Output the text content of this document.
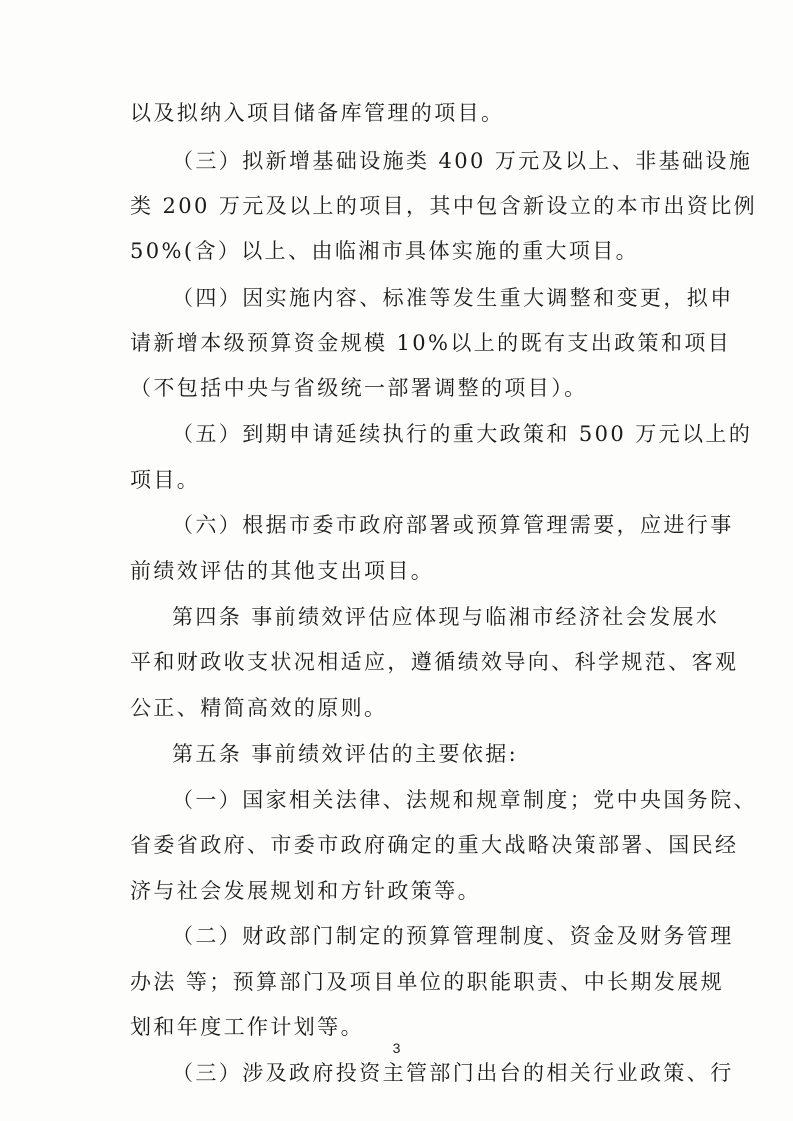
以及拟纳入项目储备库管理的项目。
（三）拟新增基础设施类 400 万元及以上、非基础设施
类 200 万元及以上的项目，其中包含新设立的本市出资比例
50%(含）以上、由临湘市具体实施的重大项目。
（四）因实施内容、标准等发生重大调整和变更，拟申
请新增本级预算资金规模 10%以上的既有支出政策和项目
（不包括中央与省级统一部署调整的项目）。
（五）到期申请延续执行的重大政策和 500 万元以上的
项目。
（六）根据市委市政府部署或预算管理需要，应进行事
前绩效评估的其他支出项目。
第四条 事前绩效评估应体现与临湘市经济社会发展水
平和财政收支状况相适应，遵循绩效导向、科学规范、客观
公正、精简高效的原则。
第五条 事前绩效评估的主要依据:
（一）国家相关法律、法规和规章制度；党中央国务院、
省委省政府、市委市政府确定的重大战略决策部署、国民经
济与社会发展规划和方针政策等。
（二）财政部门制定的预算管理制度、资金及财务管理
办法 等；预算部门及项目单位的职能职责、中长期发展规
划和年度工作计划等。
（三）涉及政府投资主管部门出台的相关行业政策、行
3
